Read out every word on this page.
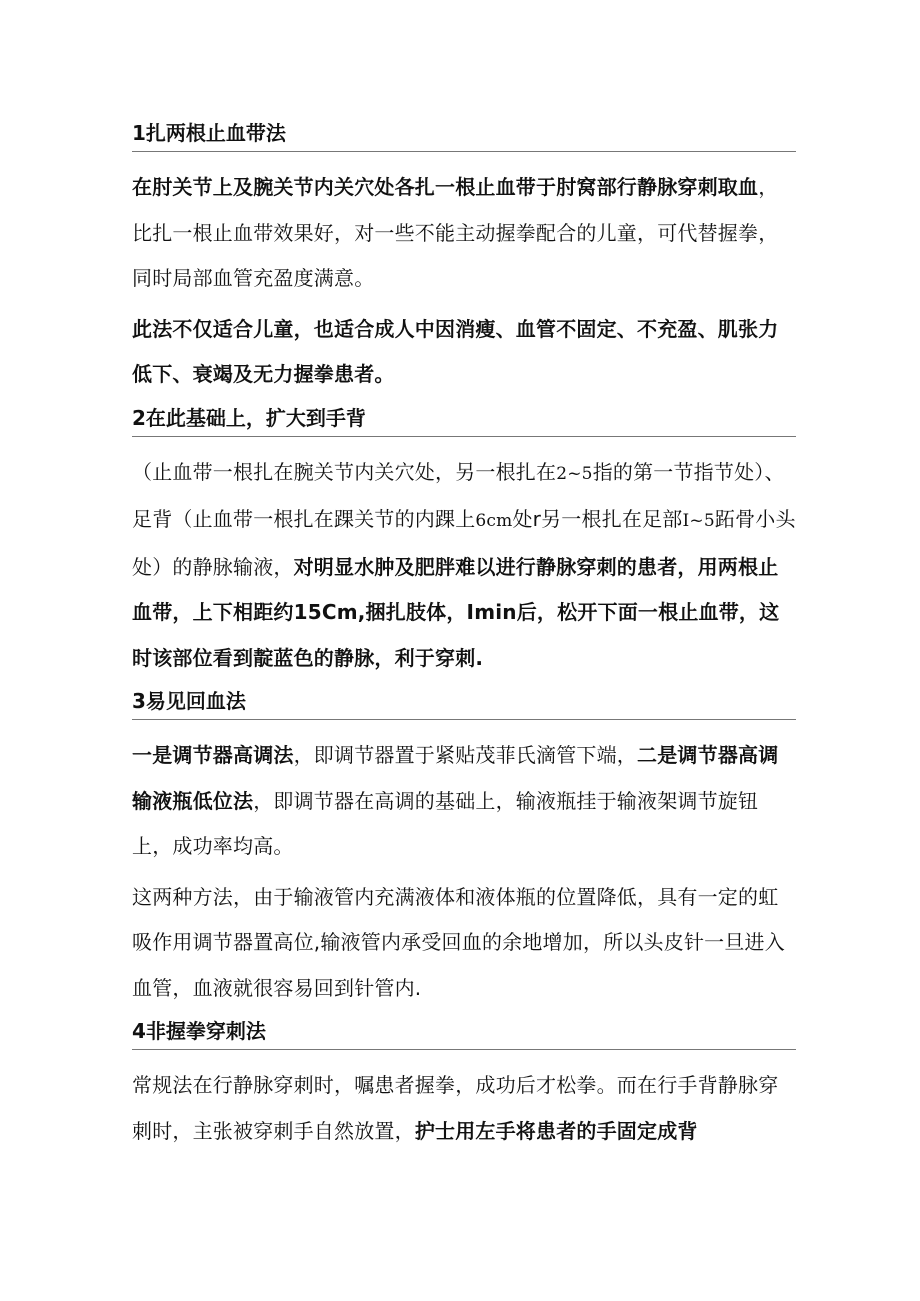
1扎两根止血带法

在肘关节上及腕关节内关穴处各扎一根止血带于肘窝部行静脉穿刺取血，比扎一根止血带效果好，对一些不能主动握拳配合的儿童，可代替握拳，同时局部血管充盈度满意。

此法不仅适合儿童，也适合成人中因消瘦、血管不固定、不充盈、肌张力低下、衰竭及无力握拳患者。

2在此基础上，扩大到手背

（止血带一根扎在腕关节内关穴处，另一根扎在2~5指的第一节指节处）、足背（止血带一根扎在踝关节的内踝上6cm处r另一根扎在足部I~5跖骨小头处）的静脉输液，对明显水肿及肥胖难以进行静脉穿刺的患者，用两根止血带，上下相距约15Cm,捆扎肢体，Imin后，松开下面一根止血带，这时该部位看到靛蓝色的静脉，利于穿刺.

3易见回血法

一是调节器高调法，即调节器置于紧贴茂菲氏滴管下端，二是调节器高调输液瓶低位法，即调节器在高调的基础上，输液瓶挂于输液架调节旋钮上，成功率均高。

这两种方法，由于输液管内充满液体和液体瓶的位置降低，具有一定的虹吸作用调节器置高位,输液管内承受回血的余地增加，所以头皮针一旦进入血管，血液就很容易回到针管内.

4非握拳穿刺法

常规法在行静脉穿刺时，嘱患者握拳，成功后才松拳。而在行手背静脉穿刺时，主张被穿刺手自然放置，护士用左手将患者的手固定成背
